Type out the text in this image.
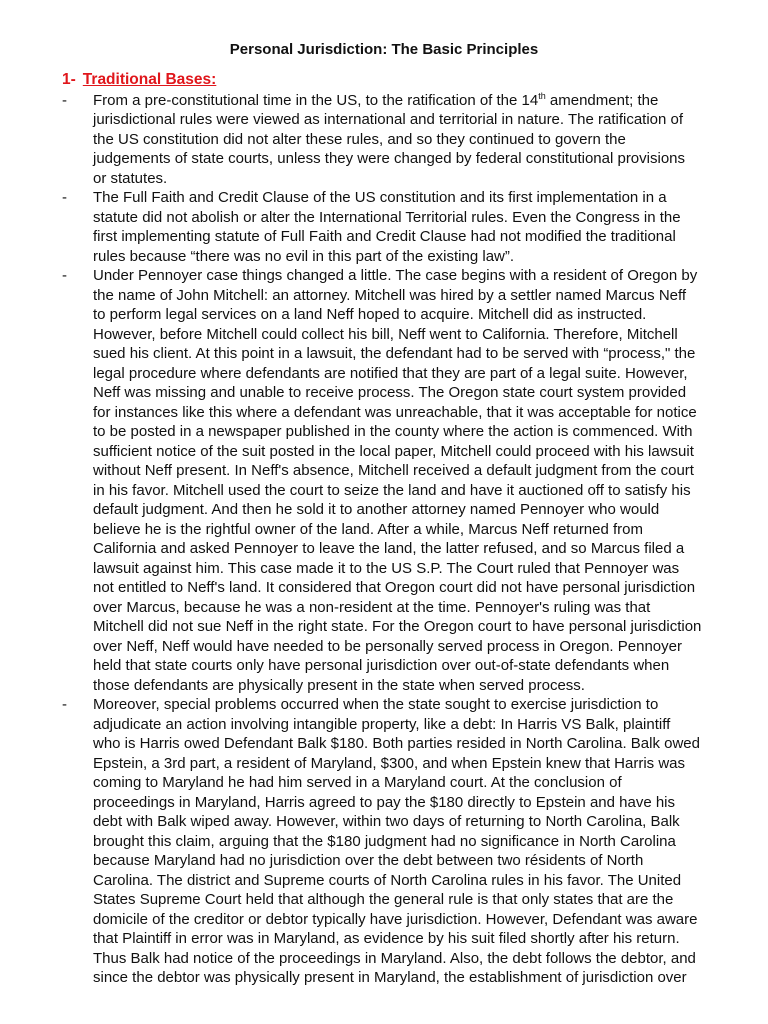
Personal Jurisdiction: The Basic Principles
1- Traditional Bases:
- From a pre-constitutional time in the US, to the ratification of the 14th amendment; the
jurisdictional rules were viewed as international and territorial in nature. The ratification of
the US constitution did not alter these rules, and so they continued to govern the
judgements of state courts, unless they were changed by federal constitutional provisions
or statutes.
- The Full Faith and Credit Clause of the US constitution and its first implementation in a
statute did not abolish or alter the International Territorial rules. Even the Congress in the
first implementing statute of Full Faith and Credit Clause had not modified the traditional
rules because “there was no evil in this part of the existing law”.
- Under Pennoyer case things changed a little. The case begins with a resident of Oregon by
the name of John Mitchell: an attorney. Mitchell was hired by a settler named Marcus Neff
to perform legal services on a land Neff hoped to acquire. Mitchell did as instructed.
However, before Mitchell could collect his bill, Neff went to California. Therefore, Mitchell
sued his client. At this point in a lawsuit, the defendant had to be served with “process," the
legal procedure where defendants are notified that they are part of a legal suite. However,
Neff was missing and unable to receive process. The Oregon state court system provided
for instances like this where a defendant was unreachable, that it was acceptable for notice
to be posted in a newspaper published in the county where the action is commenced. With
sufficient notice of the suit posted in the local paper, Mitchell could proceed with his lawsuit
without Neff present. In Neff's absence, Mitchell received a default judgment from the court
in his favor. Mitchell used the court to seize the land and have it auctioned off to satisfy his
default judgment. And then he sold it to another attorney named Pennoyer who would
believe he is the rightful owner of the land. After a while, Marcus Neff returned from
California and asked Pennoyer to leave the land, the latter refused, and so Marcus filed a
lawsuit against him. This case made it to the US S.P. The Court ruled that Pennoyer was
not entitled to Neff's land. It considered that Oregon court did not have personal jurisdiction
over Marcus, because he was a non-resident at the time. Pennoyer's ruling was that
Mitchell did not sue Neff in the right state. For the Oregon court to have personal jurisdiction
over Neff, Neff would have needed to be personally served process in Oregon. Pennoyer
held that state courts only have personal jurisdiction over out-of-state defendants when
those defendants are physically present in the state when served process.
- Moreover, special problems occurred when the state sought to exercise jurisdiction to
adjudicate an action involving intangible property, like a debt: In Harris VS Balk, plaintiff
who is Harris owed Defendant Balk $180. Both parties resided in North Carolina. Balk owed
Epstein, a 3rd part, a resident of Maryland, $300, and when Epstein knew that Harris was
coming to Maryland he had him served in a Maryland court. At the conclusion of
proceedings in Maryland, Harris agreed to pay the $180 directly to Epstein and have his
debt with Balk wiped away. However, within two days of returning to North Carolina, Balk
brought this claim, arguing that the $180 judgment had no significance in North Carolina
because Maryland had no jurisdiction over the debt between two résidents of North
Carolina. The district and Supreme courts of North Carolina rules in his favor. The United
States Supreme Court held that although the general rule is that only states that are the
domicile of the creditor or debtor typically have jurisdiction. However, Defendant was aware
that Plaintiff in error was in Maryland, as evidence by his suit filed shortly after his return.
Thus Balk had notice of the proceedings in Maryland. Also, the debt follows the debtor, and
since the debtor was physically present in Maryland, the establishment of jurisdiction over
